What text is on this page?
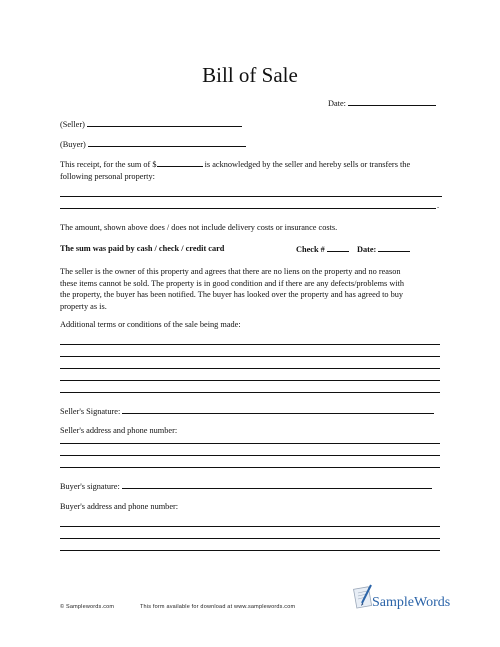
Bill of Sale
Date:
(Seller)
(Buyer)
This receipt, for the sum of $	is acknowledged by the seller and hereby sells or transfers the
following personal property:
.
The amount, shown above does / does not include delivery costs or insurance costs.
The sum was paid by cash / check / credit card	Check #	Date:
The seller is the owner of this property and agrees that there are no liens on the property and no reason
these items cannot be sold. The property is in good condition and if there are any defects/problems with
the property, the buyer has been notified. The buyer has looked over the property and has agreed to buy
property as is.
Additional terms or conditions of the sale being made:
Seller's Signature:
Seller's address and phone number:
Buyer's signature:
Buyer's address and phone number:
© Samplewords.com	This form available for download at www.samplewords.com	SampleWords
